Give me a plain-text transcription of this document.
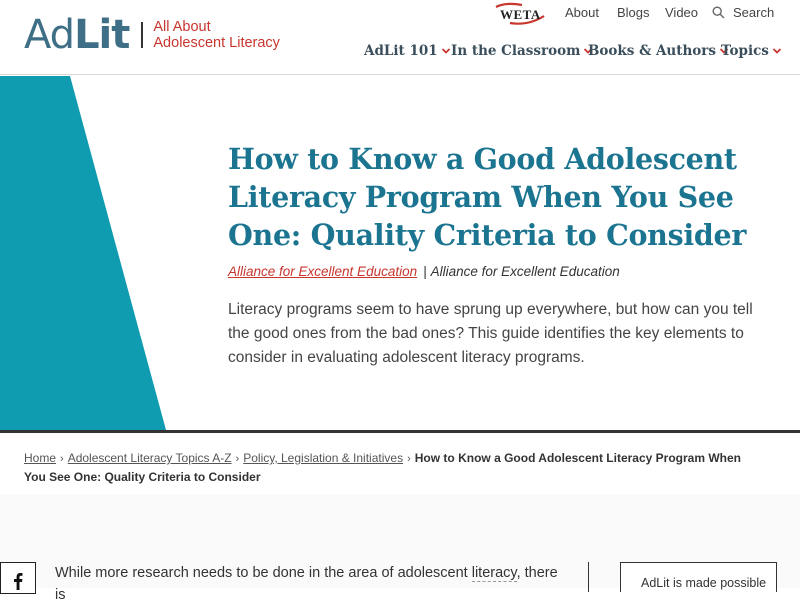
Ad Lit All About
Adolescent Literacy
WETA About Blogs Video	Search
AdLit 101 In the Classroom Books & Authors Topics
How to Know a Good Adolescent Literacy Program When You See One: Quality Criteria to Consider
Alliance for Excellent Education | Alliance for Excellent Education

Literacy programs seem to have sprung up everywhere, but how can you tell the good ones from the bad ones? This guide identifies the key elements to consider in evaluating adolescent literacy programs.

Home › Adolescent Literacy Topics A-Z › Policy, Legislation & Initiatives › How to Know a Good Adolescent Literacy Program When You See One: Quality Criteria to Consider

While more research needs to be done in the area of adolescent literacy, there is

AdLit is made possible
